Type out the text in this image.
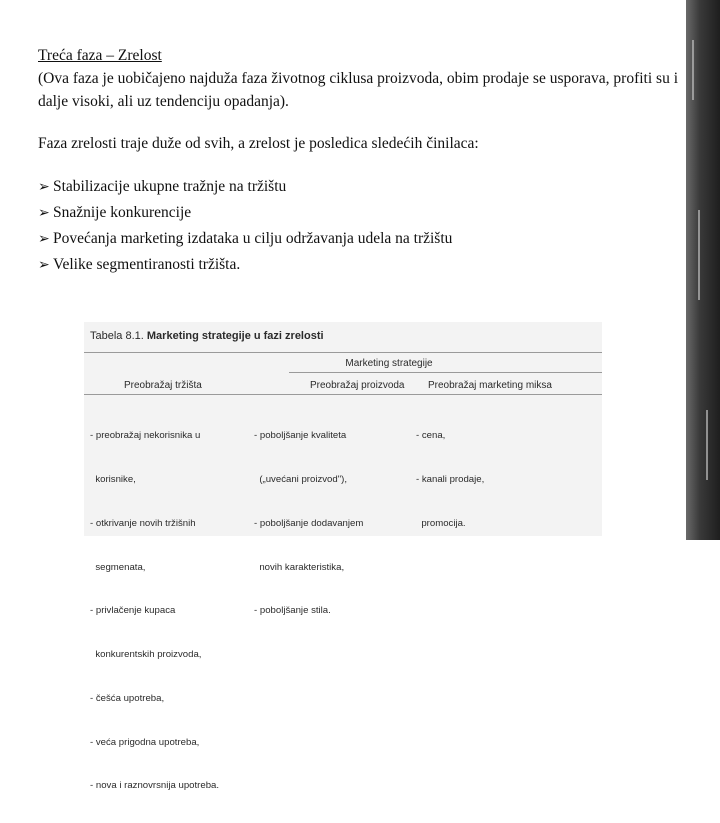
Treća faza – Zrelost

(Ova faza je uobičajeno najduža faza životnog ciklusa proizvoda, obim prodaje se usporava, profiti su i dalje visoki, ali uz tendenciju opadanja).

Faza zrelosti traje duže od svih, a zrelost je posledica sledećih činilaca:

➢ Stabilizacije ukupne tražnje na tržištu
➢ Snažnije konkurencije
➢ Povećanja marketing izdataka u cilju održavanja udela na tržištu
➢ Velike segmentiranosti tržišta.
Tabela 8.1. Marketing strategije u fazi zrelosti
Marketing strategije
Preobražaj tržišta	Preobražaj proizvoda Preobražaj marketing miksa

- preobražaj nekorisnika u

korisnike,

- otkrivanje novih tržišnih

segmenata,

- privlačenje kupaca

konkurentskih proizvoda,

- češća upotreba,

- veća prigodna upotreba,

- nova i raznovrsnija upotreba.

- poboljšanje kvaliteta

(„uvećani proizvod"),

- poboljšanje dodavanjem

novih karakteristika,

- poboljšanje stila.

- cena,

- kanali prodaje,

promocija.
